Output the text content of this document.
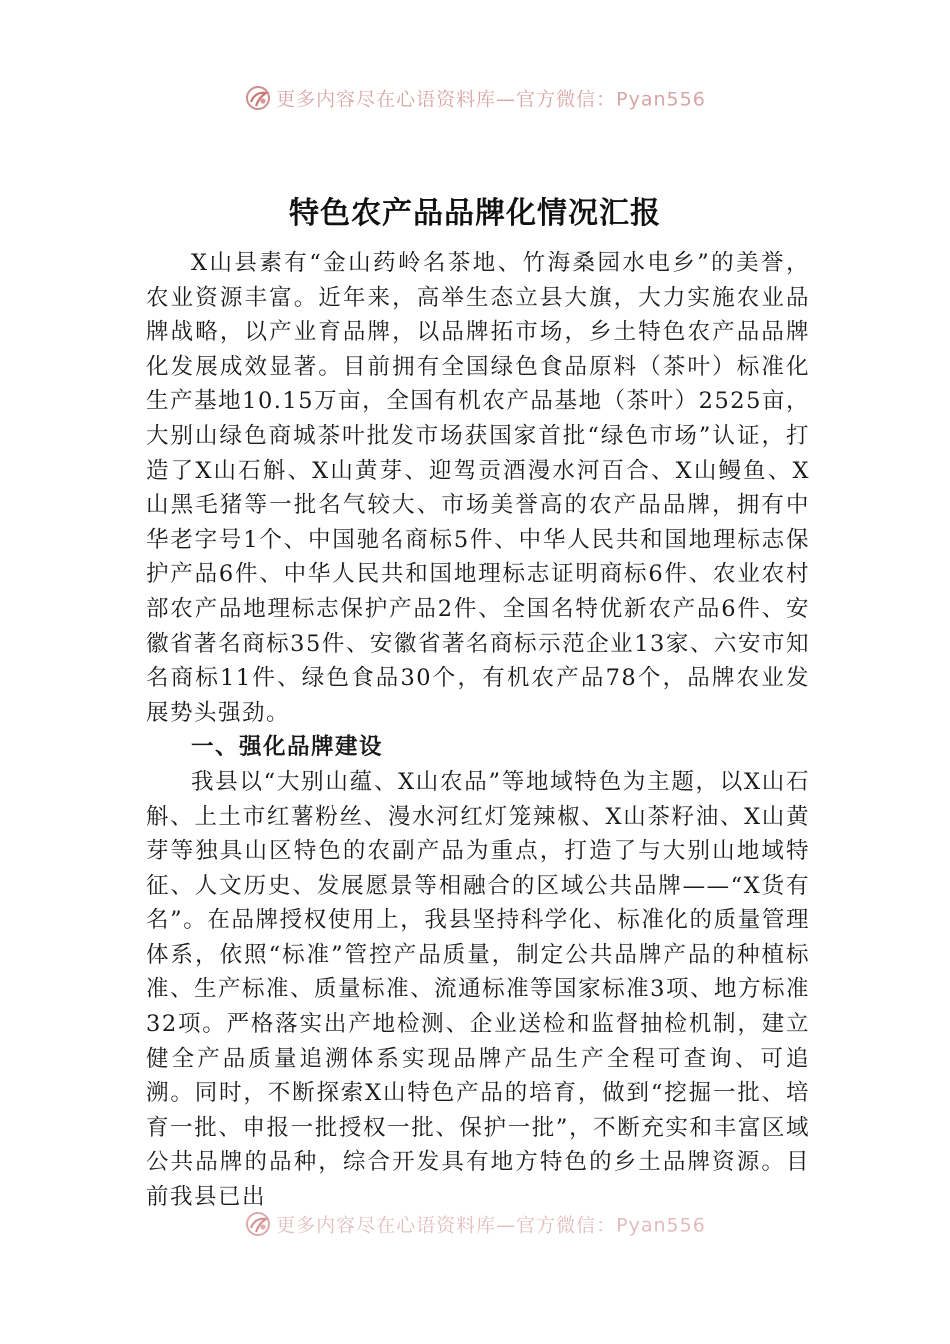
更多内容尽在心语资料库—官方微信：Pyan556
特色农产品品牌化情况汇报

X山县素有“金山药岭名茶地、竹海桑园水电乡”的美誉，农业资源丰富。近年来，高举生态立县大旗，大力实施农业品牌战略，以产业育品牌，以品牌拓市场，乡土特色农产品品牌化发展成效显著。目前拥有全国绿色食品原料（茶叶）标准化生产基地10.15万亩，全国有机农产品基地（茶叶）2525亩，大别山绿色商城茶叶批发市场获国家首批“绿色市场”认证，打造了X山石斛、X山黄芽、迎驾贡酒漫水河百合、X山鳗鱼、X山黑毛猪等一批名气较大、市场美誉高的农产品品牌，拥有中华老字号1个、中国驰名商标5件、中华人民共和国地理标志保护产品6件、中华人民共和国地理标志证明商标6件、农业农村部农产品地理标志保护产品2件、全国名特优新农产品6件、安徽省著名商标35件、安徽省著名商标示范企业13家、六安市知名商标11件、绿色食品30个，有机农产品78个，品牌农业发展势头强劲。

一、强化品牌建设

我县以“大别山蕴、X山农品”等地域特色为主题，以X山石斛、上土市红薯粉丝、漫水河红灯笼辣椒、X山茶籽油、X山黄芽等独具山区特色的农副产品为重点，打造了与大别山地域特征、人文历史、发展愿景等相融合的区域公共品牌——“X货有名”。在品牌授权使用上，我县坚持科学化、标准化的质量管理体系，依照“标准”管控产品质量，制定公共品牌产品的种植标准、生产标准、质量标准、流通标准等国家标准3项、地方标准32项。严格落实出产地检测、企业送检和监督抽检机制，建立健全产品质量追溯体系实现品牌产品生产全程可查询、可追溯。同时，不断探索X山特色产品的培育，做到“挖掘一批、培育一批、申报一批授权一批、保护一批”，不断充实和丰富区域公共品牌的品种，综合开发具有地方特色的乡土品牌资源。目前我县已出

更多内容尽在心语资料库—官方微信：Pyan556
